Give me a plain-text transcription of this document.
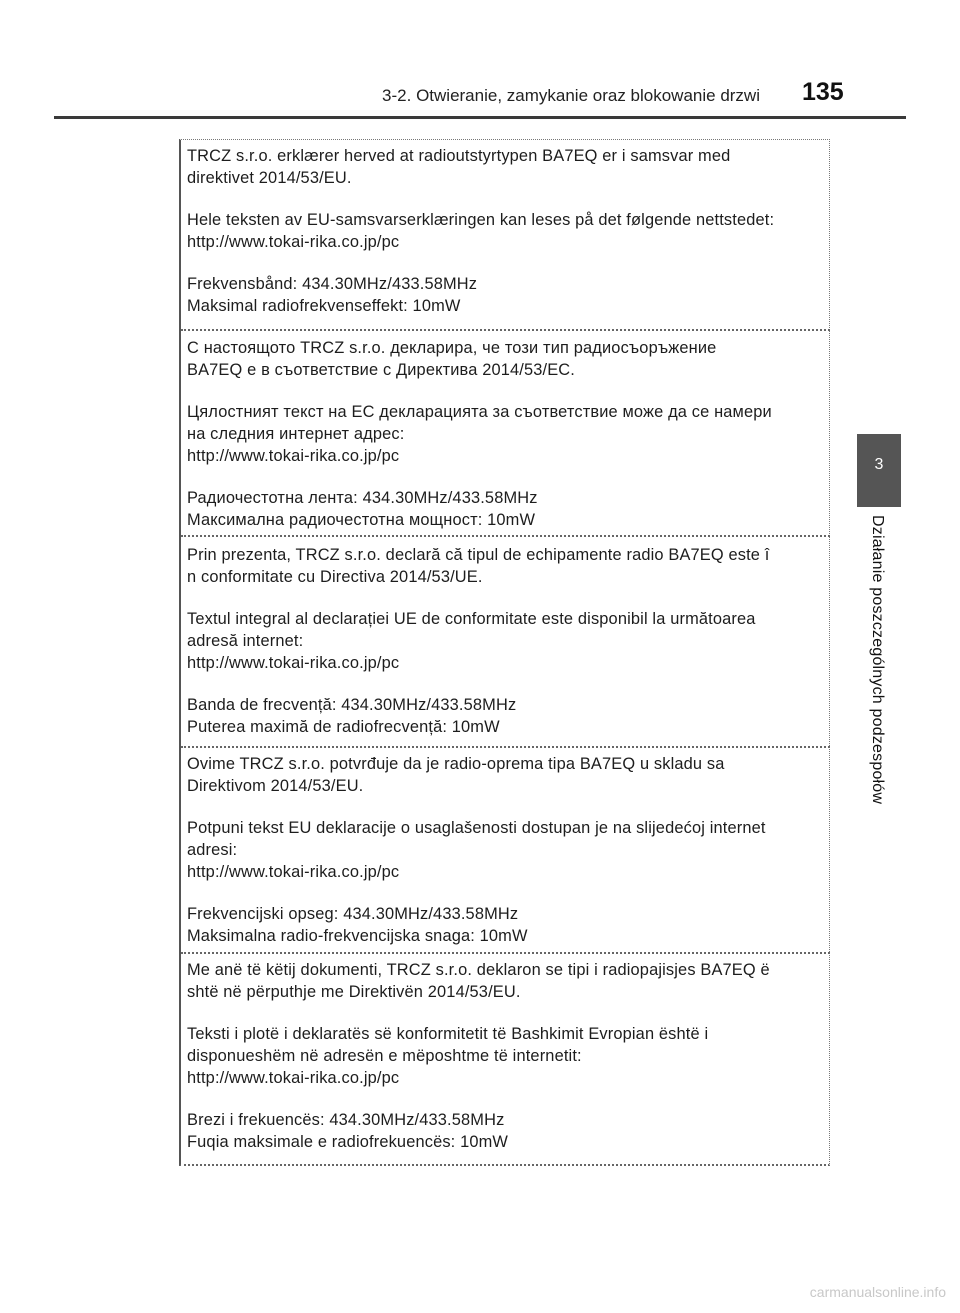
3-2. Otwieranie, zamykanie oraz blokowanie drzwi 135
3
Działanie poszczególnych podzespołów

TRCZ s.r.o. erklærer herved at radioutstyrtypen BA7EQ er i samsvar med
direktivet 2014/53/EU.

Hele teksten av EU-samsvarserklæringen kan leses på det følgende nettstedet:
http://www.tokai-rika.co.jp/pc

Frekvensbånd: 434.30MHz/433.58MHz
Maksimal radiofrekvenseffekt: 10mW

С настоящото TRCZ s.r.o. декларира, че този тип радиосъоръжение
BA7EQ е в съответствие с Директива 2014/53/ЕС.

Цялостният текст на ЕС декларацията за съответствие може да се намери
на следния интернет адрес:
http://www.tokai-rika.co.jp/pc

Радиочестотна лента: 434.30MHz/433.58MHz
Максимална радиочестотна мощност: 10mW

Prin prezenta, TRCZ s.r.o. declară că tipul de echipamente radio BA7EQ este î
n conformitate cu Directiva 2014/53/UE.

Textul integral al declarației UE de conformitate este disponibil la următoarea
adresă internet:
http://www.tokai-rika.co.jp/pc

Banda de frecvență: 434.30MHz/433.58MHz
Puterea maximă de radiofrecvență: 10mW

Ovime TRCZ s.r.o. potvrđuje da je radio-oprema tipa BA7EQ u skladu sa
Direktivom 2014/53/EU.

Potpuni tekst EU deklaracije o usaglašenosti dostupan je na slijedećoj internet
adresi:
http://www.tokai-rika.co.jp/pc

Frekvencijski opseg: 434.30MHz/433.58MHz
Maksimalna radio-frekvencijska snaga: 10mW

Me anë të këtij dokumenti, TRCZ s.r.o. deklaron se tipi i radiopajisjes BA7EQ ë
shtë në përputhje me Direktivën 2014/53/EU.

Teksti i plotë i deklaratës së konformitetit të Bashkimit Evropian është i
disponueshëm në adresën e mëposhtme të internetit:
http://www.tokai-rika.co.jp/pc

Brezi i frekuencës: 434.30MHz/433.58MHz
Fuqia maksimale e radiofrekuencës: 10mW

carmanualsonline.info
